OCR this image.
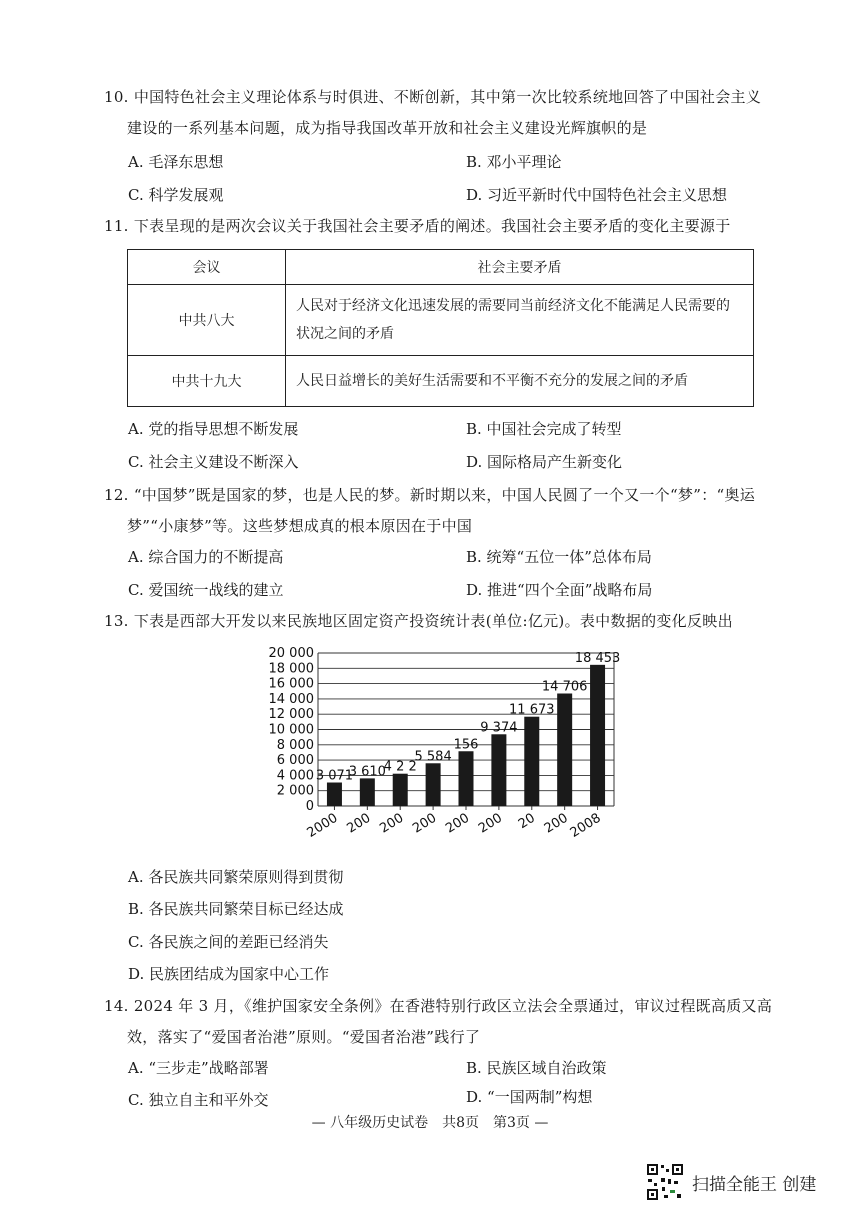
10. 中国特色社会主义理论体系与时俱进、不断创新，其中第一次比较系统地回答了中国社会主义
建设的一系列基本问题，成为指导我国改革开放和社会主义建设光辉旗帜的是
A. 毛泽东思想	B. 邓小平理论
C. 科学发展观	D. 习近平新时代中国特色社会主义思想
11. 下表呈现的是两次会议关于我国社会主要矛盾的阐述。我国社会主要矛盾的变化主要源于
会议	社会主要矛盾
中共八大	人民对于经济文化迅速发展的需要同当前经济文化不能满足人民需要的状况之间的矛盾
中共十九大	人民日益增长的美好生活需要和不平衡不充分的发展之间的矛盾
A. 党的指导思想不断发展	B. 中国社会完成了转型
C. 社会主义建设不断深入	D. 国际格局产生新变化
12. “中国梦”既是国家的梦，也是人民的梦。新时期以来，中国人民圆了一个又一个“梦”：“奥运
梦”“小康梦”等。这些梦想成真的根本原因在于中国
A. 综合国力的不断提高	B. 统筹“五位一体”总体布局
C. 爱国统一战线的建立	D. 推进“四个全面”战略布局
13. 下表是西部大开发以来民族地区固定资产投资统计表(单位:亿元)。表中数据的变化反映出
0
2 000
4 000
6 000
8 000
10 000
12 000
14 000
16 000
18 000
20 000
3 071
3 610
4 2 2
5 584
156
9 374
11 673
14 706
18 453
2000 200 200 200 200 200 20 200
2008
A. 各民族共同繁荣原则得到贯彻
B. 各民族共同繁荣目标已经达成
C. 各民族之间的差距已经消失
D. 民族团结成为国家中心工作
14. 2024 年 3 月，《维护国家安全条例》在香港特别行政区立法会全票通过，审议过程既高质又高
效，落实了“爱国者治港”原则。“爱国者治港”践行了
A. “三步走”战略部署	B. 民族区域自治政策
C. 独立自主和平外交	D. “一国两制”构想
— 八年级历史试卷　共8页　第3页 —
扫描全能王 创建
